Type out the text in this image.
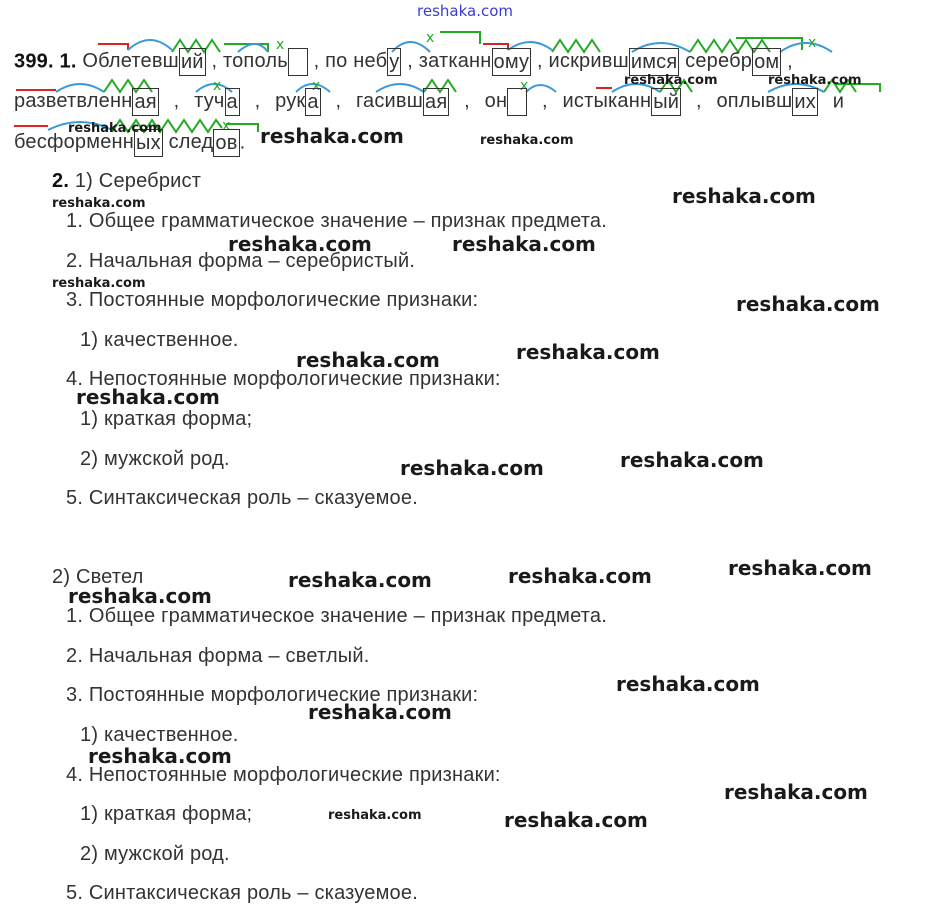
reshaka.com
x	x	x
x	x	x
x
399. 1. Облетевш ий , тополь , по неб у , затканн ому , искривш имся серебр ом ,
разветвленн ая , туч а , рук а , гасивш ая , он , истыканн ый , оплывш их и
бесформенн ых след ов .
2. 1) Серебрист
1. Общее грамматическое значение – признак предмета.
2. Начальная форма – серебристый.
3. Постоянные морфологические признаки:
1) качественное.
4. Непостоянные морфологические признаки:
1) краткая форма;
2) мужской род.
5. Синтаксическая роль – сказуемое.
2) Светел
1. Общее грамматическое значение – признак предмета.
2. Начальная форма – светлый.
3. Постоянные морфологические признаки:
1) качественное.
4. Непостоянные морфологические признаки:
1) краткая форма;
2) мужской род.
5. Синтаксическая роль – сказуемое.
reshaka.com	reshaka.com
reshaka.com	reshaka.com	reshaka.com
reshaka.com
reshaka.com
reshaka.com	reshaka.com
reshaka.com
reshaka.com
reshaka.com
reshaka.com
reshaka.com
reshaka.com
reshaka.com
reshaka.com
reshaka.com
reshaka.com
reshaka.com
reshaka.com
reshaka.com
reshaka.com
reshaka.com
reshaka.com	reshaka.com
